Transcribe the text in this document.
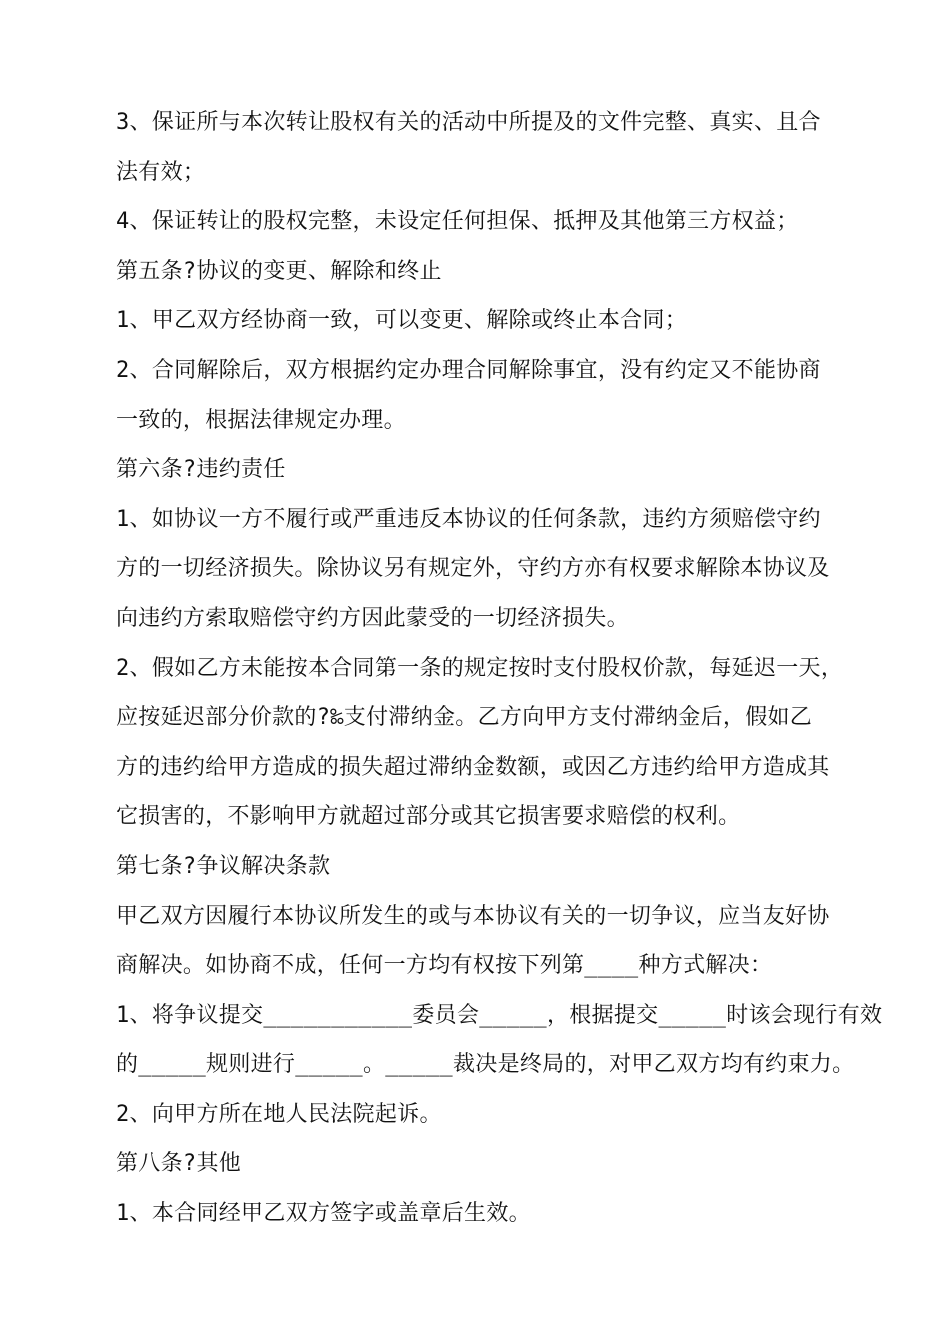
3、保证所与本次转让股权有关的活动中所提及的文件完整、真实、且合
法有效；
4、保证转让的股权完整，未设定任何担保、抵押及其他第三方权益；
第五条?协议的变更、解除和终止
1、甲乙双方经协商一致，可以变更、解除或终止本合同；
2、合同解除后，双方根据约定办理合同解除事宜，没有约定又不能协商
一致的，根据法律规定办理。
第六条?违约责任
1、如协议一方不履行或严重违反本协议的任何条款，违约方须赔偿守约
方的一切经济损失。除协议另有规定外，守约方亦有权要求解除本协议及
向违约方索取赔偿守约方因此蒙受的一切经济损失。
2、假如乙方未能按本合同第一条的规定按时支付股权价款，每延迟一天，
应按延迟部分价款的?‰支付滞纳金。乙方向甲方支付滞纳金后，假如乙
方的违约给甲方造成的损失超过滞纳金数额，或因乙方违约给甲方造成其
它损害的，不影响甲方就超过部分或其它损害要求赔偿的权利。
第七条?争议解决条款
甲乙双方因履行本协议所发生的或与本协议有关的一切争议，应当友好协
商解决。如协商不成，任何一方均有权按下列第____种方式解决：
1、将争议提交___________委员会_____，根据提交_____时该会现行有效
的_____规则进行_____。_____裁决是终局的，对甲乙双方均有约束力。
2、向甲方所在地人民法院起诉。
第八条?其他
1、本合同经甲乙双方签字或盖章后生效。
